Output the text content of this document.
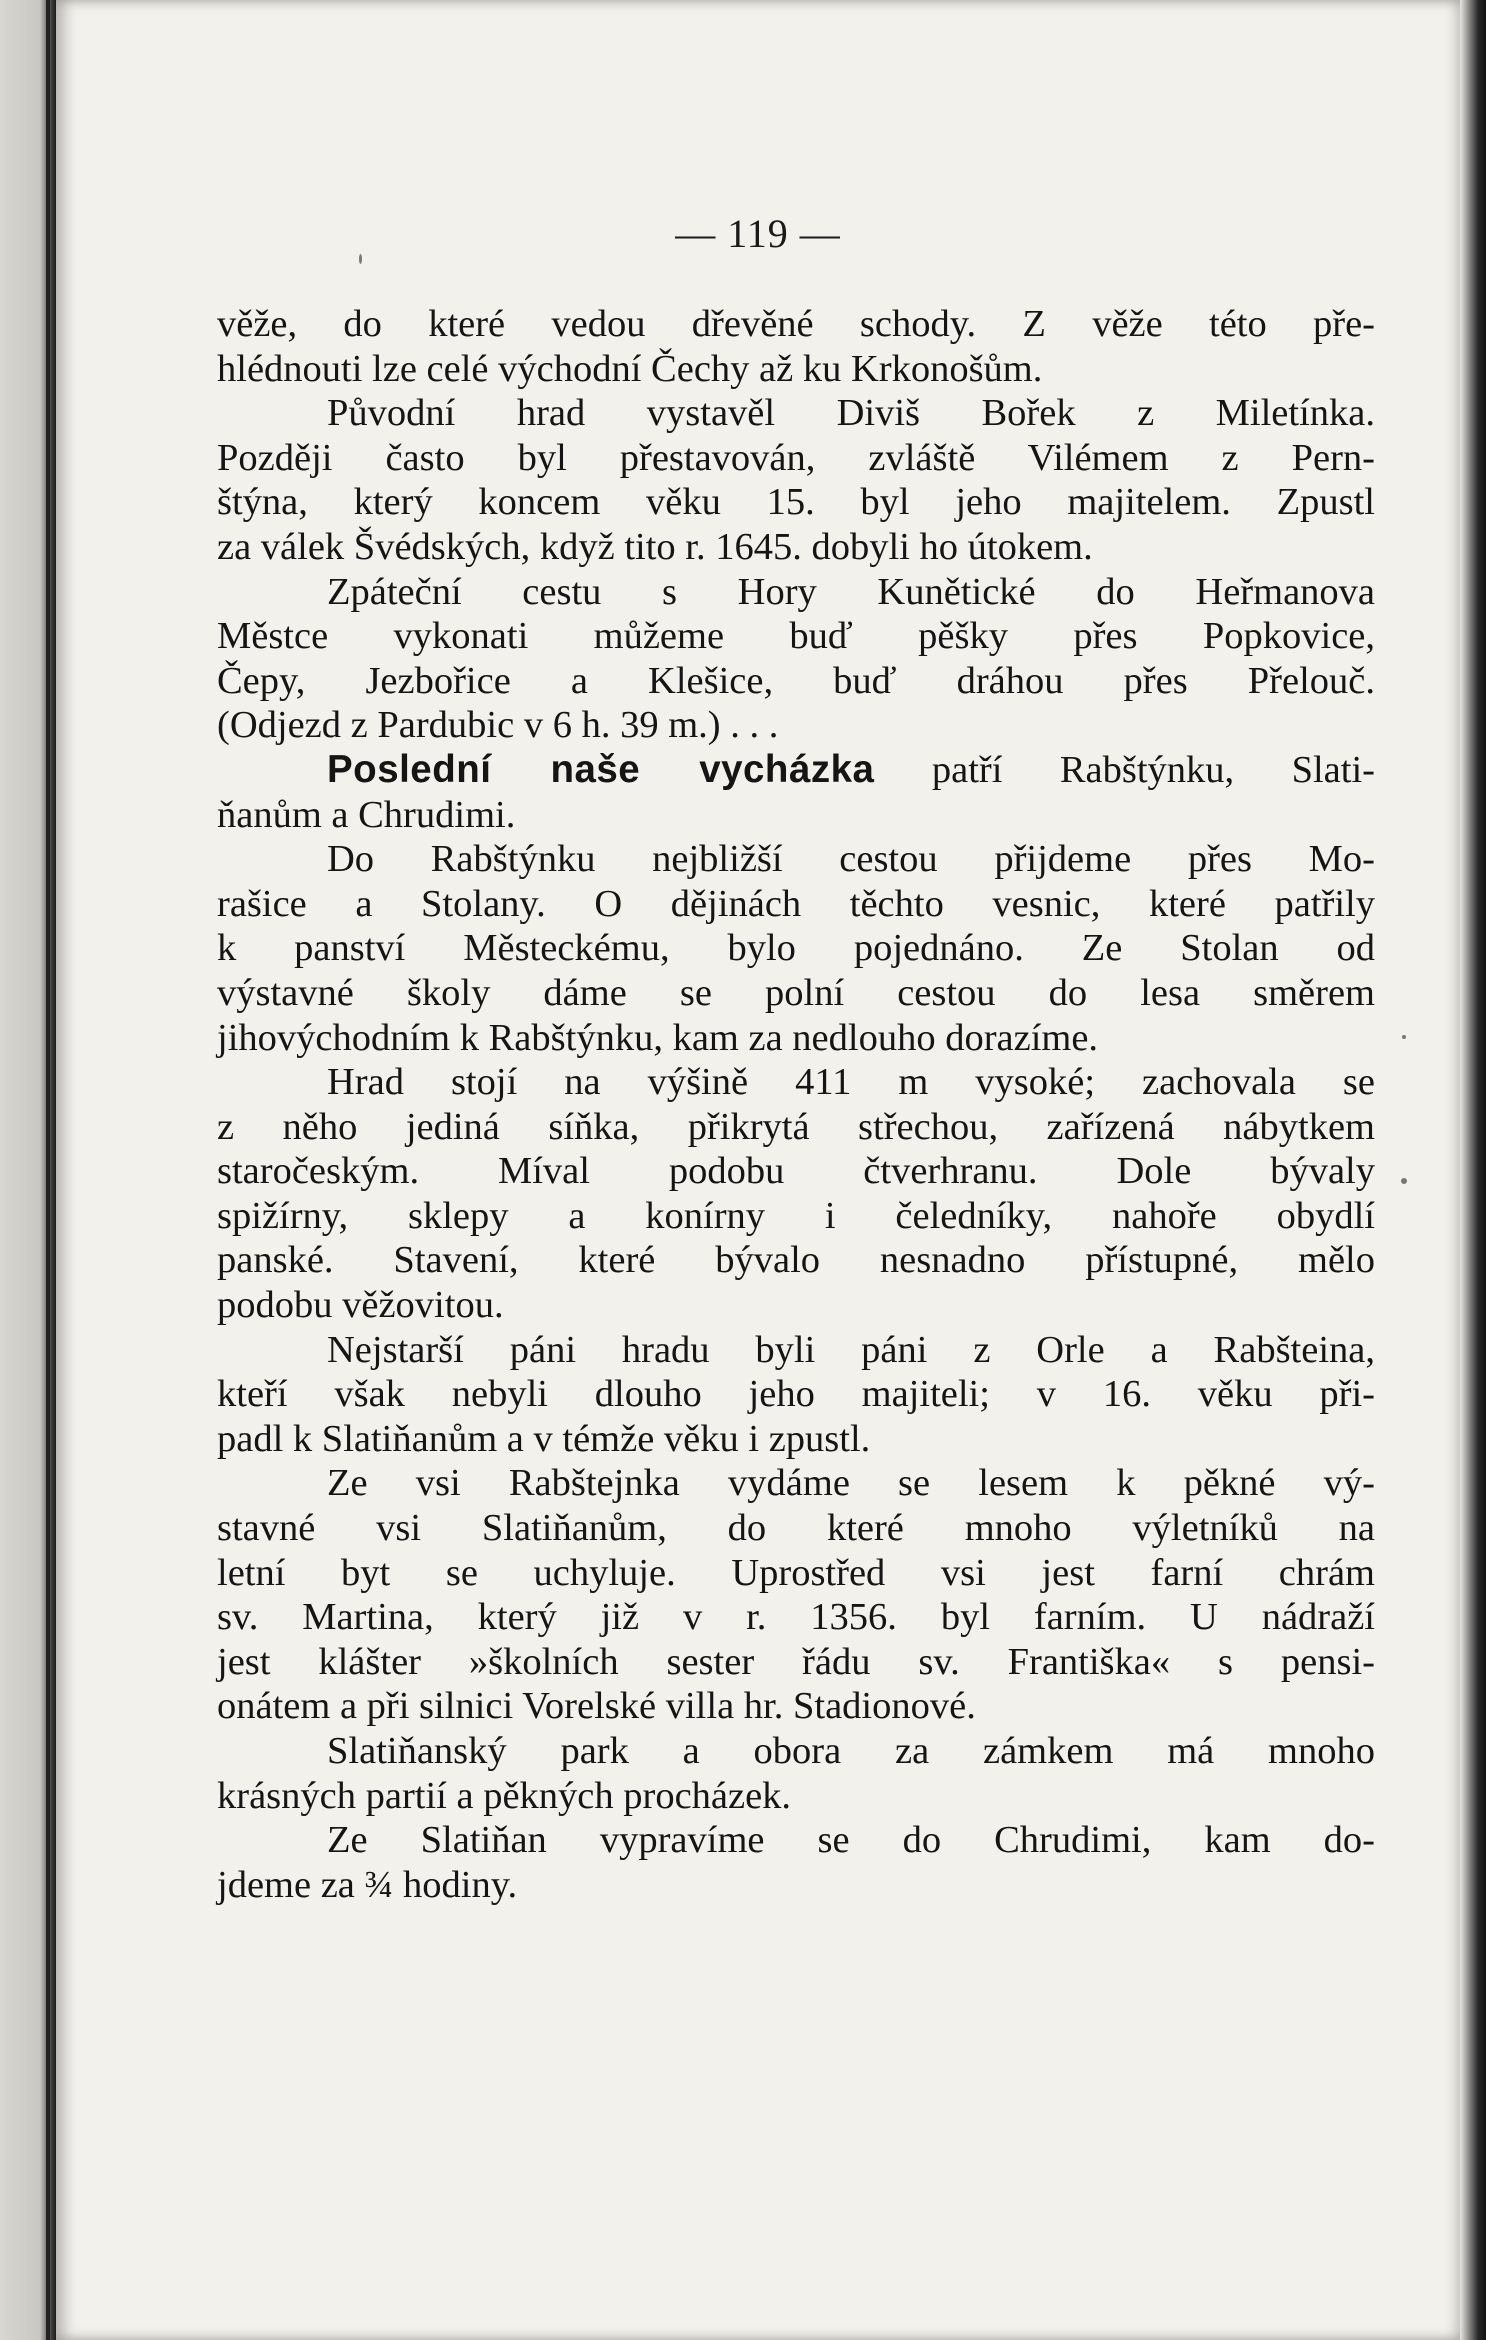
— 119 —

věže, do které vedou dřevěné schody. Z věže této pře-
hlédnouti lze celé východní Čechy až ku Krkonošům.

Původní hrad vystavěl Diviš Bořek z Miletínka.
Později často byl přestavován, zvláště Vilémem z Pern-
štýna, který koncem věku 15. byl jeho majitelem. Zpustl
za válek Švédských, když tito r. 1645. dobyli ho útokem.

Zpáteční cestu s Hory Kunětické do Heřmanova
Městce vykonati můžeme buď pěšky přes Popkovice,
Čepy, Jezbořice a Klešice, buď dráhou přes Přelouč.
(Odjezd z Pardubic v 6 h. 39 m.) . . .

Poslední naše vycházka patří Rabštýnku, Slati-
ňanům a Chrudimi.

Do Rabštýnku nejbližší cestou přijdeme přes Mo-
rašice a Stolany. O dějinách těchto vesnic, které patřily
k panství Městeckému, bylo pojednáno. Ze Stolan od
výstavné školy dáme se polní cestou do lesa směrem
jihovýchodním k Rabštýnku, kam za nedlouho dorazíme.

Hrad stojí na výšině 411 m vysoké; zachovala se
z něho jediná síňka, přikrytá střechou, zařízená nábytkem
staročeským. Míval podobu čtverhranu. Dole bývaly
spižírny, sklepy a konírny i čeledníky, nahoře obydlí
panské. Stavení, které bývalo nesnadno přístupné, mělo
podobu věžovitou.

Nejstarší páni hradu byli páni z Orle a Rabšteina,
kteří však nebyli dlouho jeho majiteli; v 16. věku při-
padl k Slatiňanům a v témže věku i zpustl.

Ze vsi Rabštejnka vydáme se lesem k pěkné vý-
stavné vsi Slatiňanům, do které mnoho výletníků na
letní byt se uchyluje. Uprostřed vsi jest farní chrám
sv. Martina, který již v r. 1356. byl farním. U nádraží
jest klášter »školních sester řádu sv. Františka« s pensi-
onátem a při silnici Vorelské villa hr. Stadionové.

Slatiňanský park a obora za zámkem má mnoho
krásných partií a pěkných procházek.

Ze Slatiňan vypravíme se do Chrudimi, kam do-
jdeme za ¾ hodiny.
